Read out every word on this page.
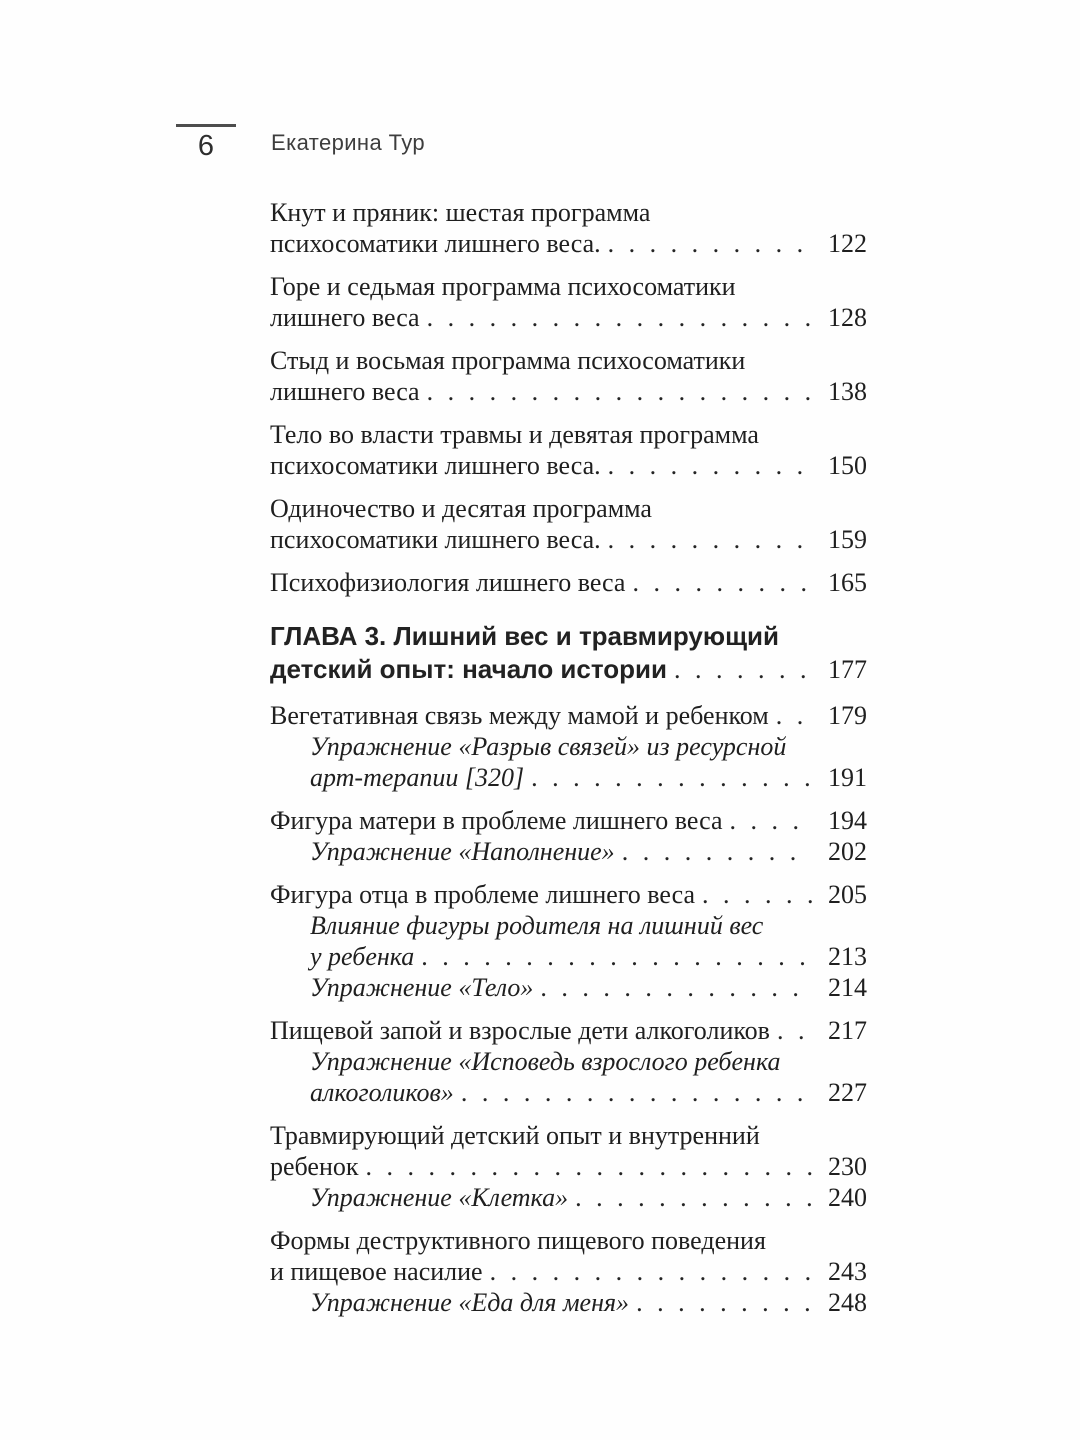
6	Екатерина Тур
Кнут и пряник: шестая программа
психосоматики лишнего веса. . . .	122
Горе и седьмая программа психосоматики
лишнего веса . . .	128
Стыд и восьмая программа психосоматики
лишнего веса . . .	138
Тело во власти травмы и девятая программа
психосоматики лишнего веса. . . .	150
Одиночество и десятая программа
психосоматики лишнего веса. . . .	159
Психофизиология лишнего веса . . .	165
ГЛАВА 3. Лишний вес и травмирующий
детский опыт: начало истории . . .	177
Вегетативная связь между мамой и ребенком . . .	179
Упражнение «Разрыв связей» из ресурсной
арт-терапии [320] . . .	191
Фигура матери в проблеме лишнего веса . . .	194
Упражнение «Наполнение» . . .	202
Фигура отца в проблеме лишнего веса . . .	205
Влияние фигуры родителя на лишний вес
у ребенка . . .	213
Упражнение «Тело» . . .	214
Пищевой запой и взрослые дети алкоголиков . . .	217
Упражнение «Исповедь взрослого ребенка
алкоголиков» . . .	227
Травмирующий детский опыт и внутренний
ребенок . . .	230
Упражнение «Клетка» . . .	240
Формы деструктивного пищевого поведения
и пищевое насилие . . .	243
Упражнение «Еда для меня» . . .	248
